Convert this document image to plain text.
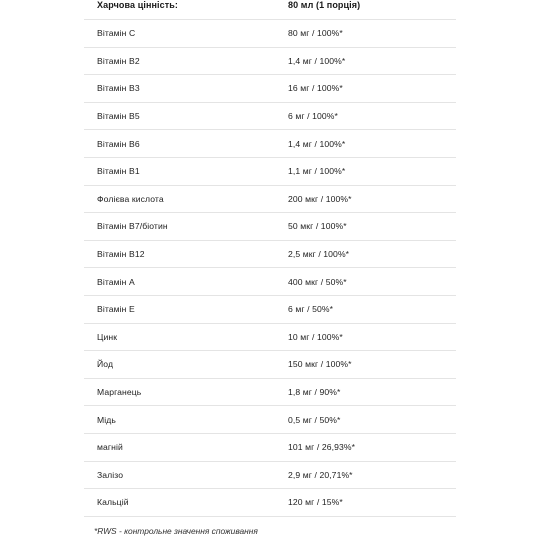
Харчова цінність:	80 мл (1 порція)
Вітамін C	80 мг / 100%*
Вітамін B2	1,4 мг / 100%*
Вітамін B3	16 мг / 100%*
Вітамін B5	6 мг / 100%*
Вітамін B6	1,4 мг / 100%*
Вітамін B1	1,1 мг / 100%*
Фолієва кислота	200 мкг / 100%*
Вітамін B7/біотин	50 мкг / 100%*
Вітамін B12	2,5 мкг / 100%*
Вітамін A	400 мкг / 50%*
Вітамін E	6 мг / 50%*
Цинк	10 мг / 100%*
Йод	150 мкг / 100%*
Марганець	1,8 мг / 90%*
Мідь	0,5 мг / 50%*
магній	101 мг / 26,93%*
Залізо	2,9 мг / 20,71%*
Кальцій	120 мг / 15%*
*RWS - контрольне значення споживання
